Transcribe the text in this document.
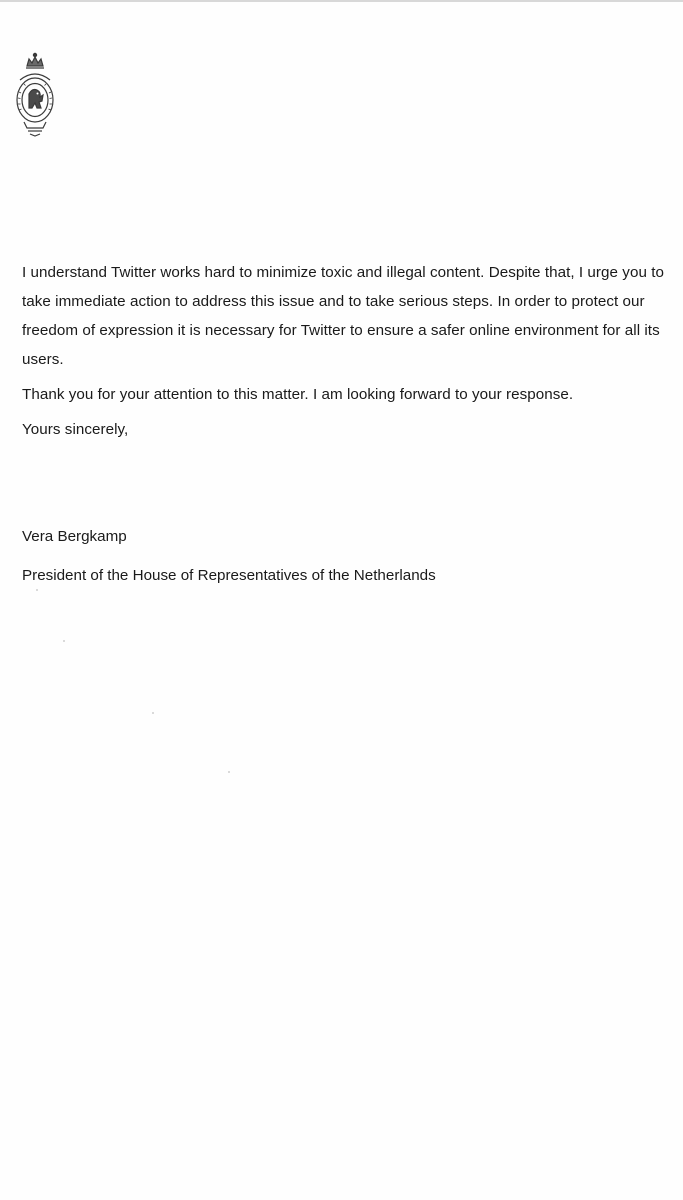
I understand Twitter works hard to minimize toxic and illegal content. Despite that, I urge you to take immediate action to address this issue and to take serious steps. In order to protect our freedom of expression it is necessary for Twitter to ensure a safer online environment for all its users.

Thank you for your attention to this matter. I am looking forward to your response.

Yours sincerely,

Vera Bergkamp
President of the House of Representatives of the Netherlands
